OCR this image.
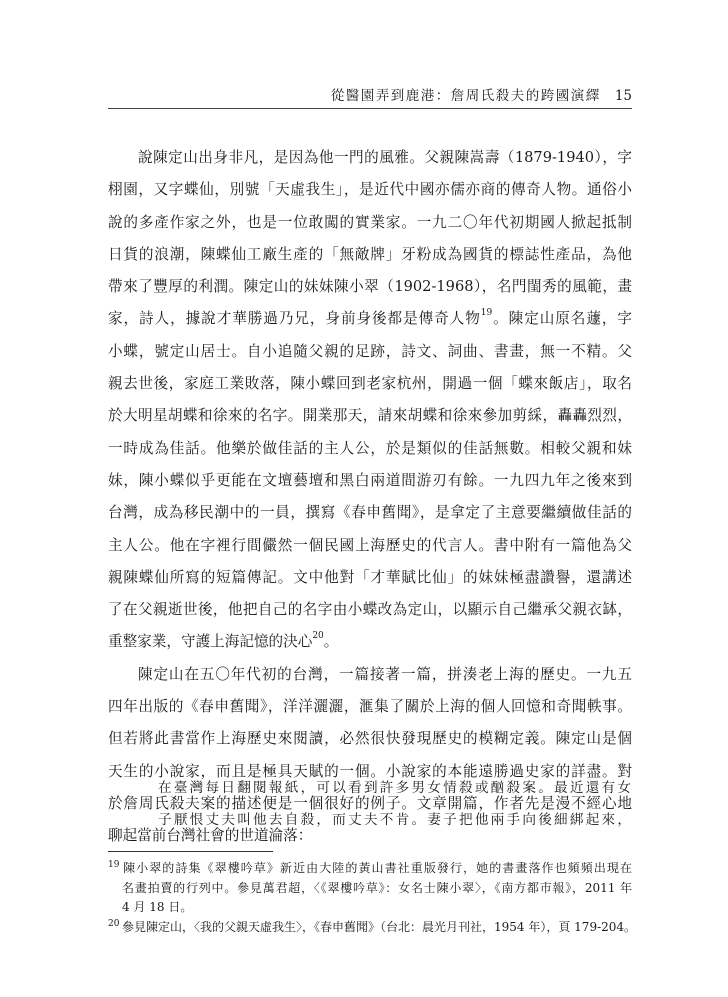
從醫園弄到鹿港：詹周氏殺夫的跨國演繹 15
說陳定山出身非凡，是因為他一門的風雅。父親陳嵩壽（1879-1940），字
栩園，又字蝶仙，別號「天虛我生」，是近代中國亦儒亦商的傳奇人物。通俗小
說的多產作家之外，也是一位敢闖的實業家。一九二〇年代初期國人掀起抵制
日貨的浪潮，陳蝶仙工廠生產的「無敵牌」牙粉成為國貨的標誌性產品，為他
帶來了豐厚的利潤。陳定山的妹妹陳小翠（1902-1968），名門閨秀的風範，畫
家，詩人，據說才華勝過乃兄，身前身後都是傳奇人物$^{19}$。陳定山原名蘧，字
小蝶，號定山居士。自小追隨父親的足跡，詩文、詞曲、書畫，無一不精。父
親去世後，家庭工業敗落，陳小蝶回到老家杭州，開過一個「蝶來飯店」，取名
於大明星胡蝶和徐來的名字。開業那天，請來胡蝶和徐來參加剪綵，轟轟烈烈，
一時成為佳話。他樂於做佳話的主人公，於是類似的佳話無數。相較父親和妹
妹，陳小蝶似乎更能在文壇藝壇和黑白兩道間游刃有餘。一九四九年之後來到
台灣，成為移民潮中的一員，撰寫《春申舊聞》，是拿定了主意要繼續做佳話的
主人公。他在字裡行間儼然一個民國上海歷史的代言人。書中附有一篇他為父
親陳蝶仙所寫的短篇傳記。文中他對「才華賦比仙」的妹妹極盡讚譽，還講述
了在父親逝世後，他把自己的名字由小蝶改為定山，以顯示自己繼承父親衣缽，
重整家業，守護上海記憶的決心$^{20}$。
陳定山在五〇年代初的台灣，一篇接著一篇，拼湊老上海的歷史。一九五
四年出版的《春申舊聞》，洋洋灑灑，滙集了關於上海的個人回憶和奇聞軼事。
但若將此書當作上海歷史來閱讀，必然很快發現歷史的模糊定義。陳定山是個
天生的小說家，而且是極具天賦的一個。小說家的本能遠勝過史家的詳盡。對
於詹周氏殺夫案的描述便是一個很好的例子。文章開篇，作者先是漫不經心地
聊起當前台灣社會的世道淪落：
在臺灣每日翻閱報紙，可以看到許多男女情殺或酗殺案。最近還有女
子厭恨丈夫叫他去自殺，而丈夫不肯。妻子把他兩手向後細綁起來，
19 陳小翠的詩集《翠樓吟草》新近由大陸的黃山書社重版發行，她的書畫落作也頻頻出現在
名畫拍賣的行列中。參見萬君超，〈《翠樓吟草》：女名士陳小翠〉，《南方都市報》，2011 年
4 月 18 日。
20 參見陳定山，〈我的父親天虛我生〉，《春申舊聞》（台北：晨光月刊社，1954 年），頁 179-204。
